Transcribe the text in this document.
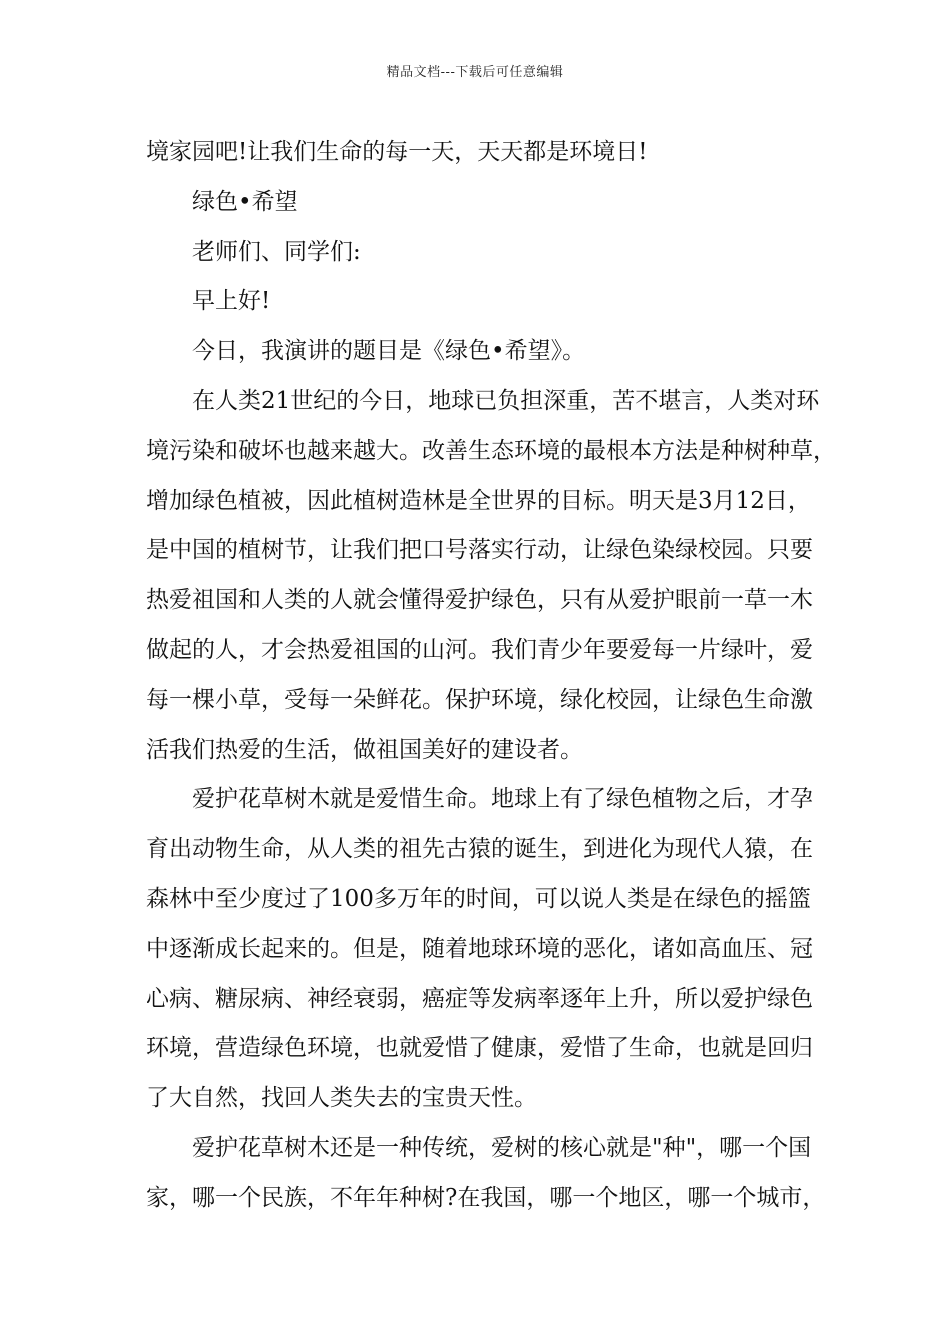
精品文档---下载后可任意编辑
境家园吧!让我们生命的每一天，天天都是环境日!
绿色•希望
老师们、同学们:
早上好!
今日，我演讲的题目是《绿色•希望》。
在人类21世纪的今日，地球已负担深重，苦不堪言，人类对环
境污染和破坏也越来越大。改善生态环境的最根本方法是种树种草，
增加绿色植被，因此植树造林是全世界的目标。明天是3月12日，
是中国的植树节，让我们把口号落实行动，让绿色染绿校园。只要
热爱祖国和人类的人就会懂得爱护绿色，只有从爱护眼前一草一木
做起的人，才会热爱祖国的山河。我们青少年要爱每一片绿叶，爱
每一棵小草，受每一朵鲜花。保护环境，绿化校园，让绿色生命激
活我们热爱的生活，做祖国美好的建设者。
爱护花草树木就是爱惜生命。地球上有了绿色植物之后，才孕
育出动物生命，从人类的祖先古猿的诞生，到进化为现代人猿，在
森林中至少度过了100多万年的时间，可以说人类是在绿色的摇篮
中逐渐成长起来的。但是，随着地球环境的恶化，诸如高血压、冠
心病、糖尿病、神经衰弱，癌症等发病率逐年上升，所以爱护绿色
环境，营造绿色环境，也就爱惜了健康，爱惜了生命，也就是回归
了大自然，找回人类失去的宝贵天性。
爱护花草树木还是一种传统，爱树的核心就是"种"，哪一个国
家，哪一个民族，不年年种树?在我国，哪一个地区，哪一个城市，
